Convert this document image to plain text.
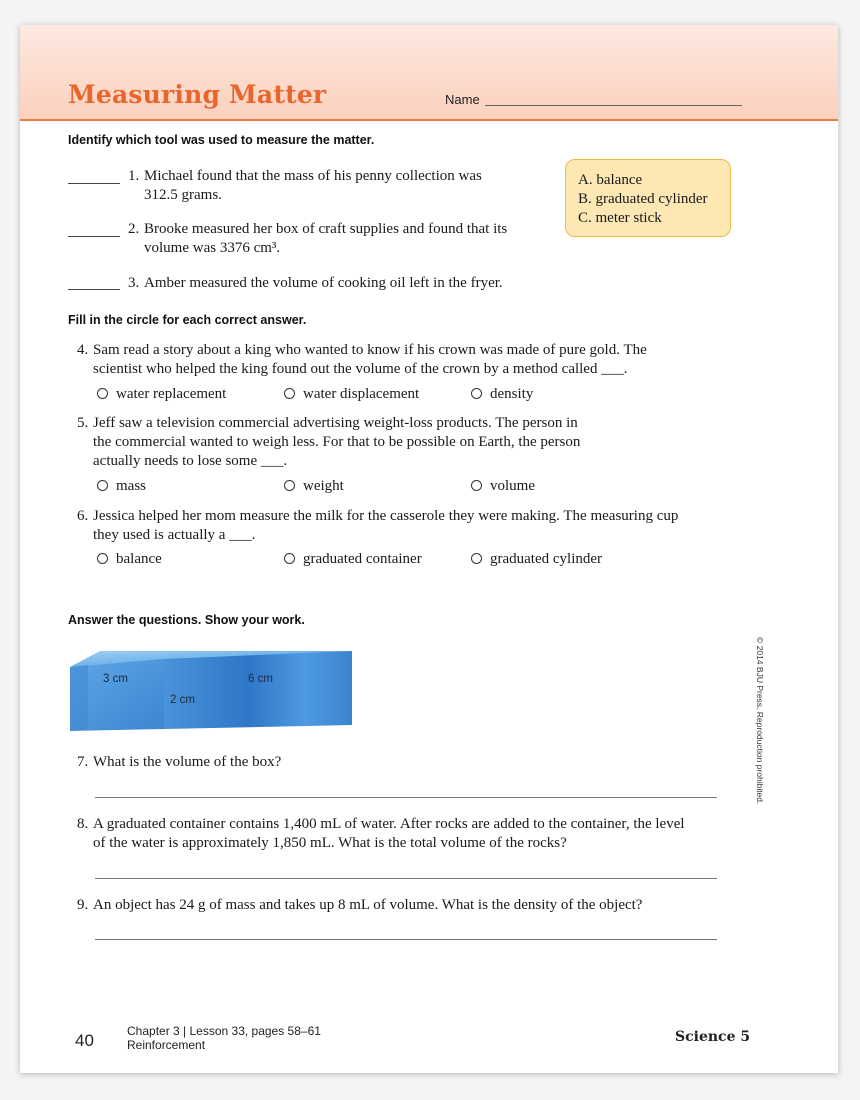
Measuring Matter	Name
Identify which tool was used to measure the matter.
1. Michael found that the mass of his penny collection was
312.5 grams.
2. Brooke measured her box of craft supplies and found that its
volume was 3376 cm³.
3. Amber measured the volume of cooking oil left in the fryer.
A. balance
B. graduated cylinder
C. meter stick
Fill in the circle for each correct answer.
4. Sam read a story about a king who wanted to know if his crown was made of pure gold. The
scientist who helped the king found out the volume of the crown by a method called ___.
water replacement	water displacement	density
5. Jeff saw a television commercial advertising weight-loss products. The person in
the commercial wanted to weigh less. For that to be possible on Earth, the person
actually needs to lose some ___.
mass	weight	volume
6. Jessica helped her mom measure the milk for the casserole they were making. The measuring cup
they used is actually a ___.
balance	graduated container	graduated cylinder
Answer the questions. Show your work.
3 cm	6 cm
2 cm
7. What is the volume of the box?
8. A graduated container contains 1,400 mL of water. After rocks are added to the container, the level
of the water is approximately 1,850 mL. What is the total volume of the rocks?
9. An object has 24 g of mass and takes up 8 mL of volume. What is the density of the object?
© 2014 BJU Press. Reproduction prohibited.
40	Chapter 3 | Lesson 33, pages 58–61
Reinforcement	Science 5
